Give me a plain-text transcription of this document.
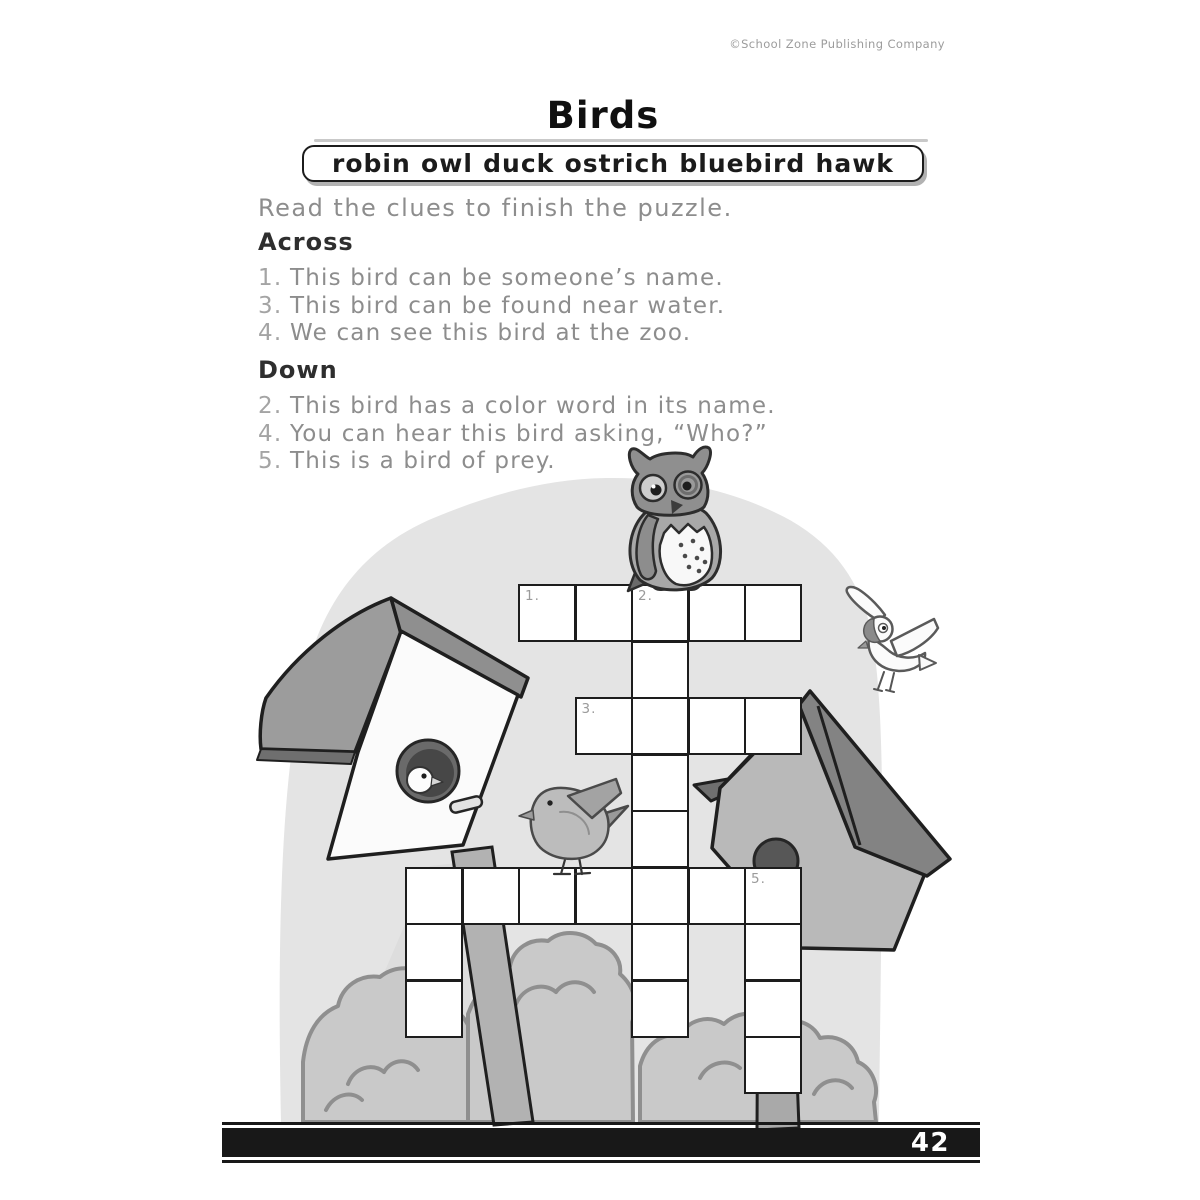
©School Zone Publishing Company
Birds
robin owl duck ostrich bluebird hawk
Read the clues to finish the puzzle.
Across
1. This bird can be someone’s name.
3. This bird can be found near water.
4. We can see this bird at the zoo.
Down
2. This bird has a color word in its name.
4. You can hear this bird asking, “Who?”
5. This is a bird of prey.
1.	2.
3.
5.
42
